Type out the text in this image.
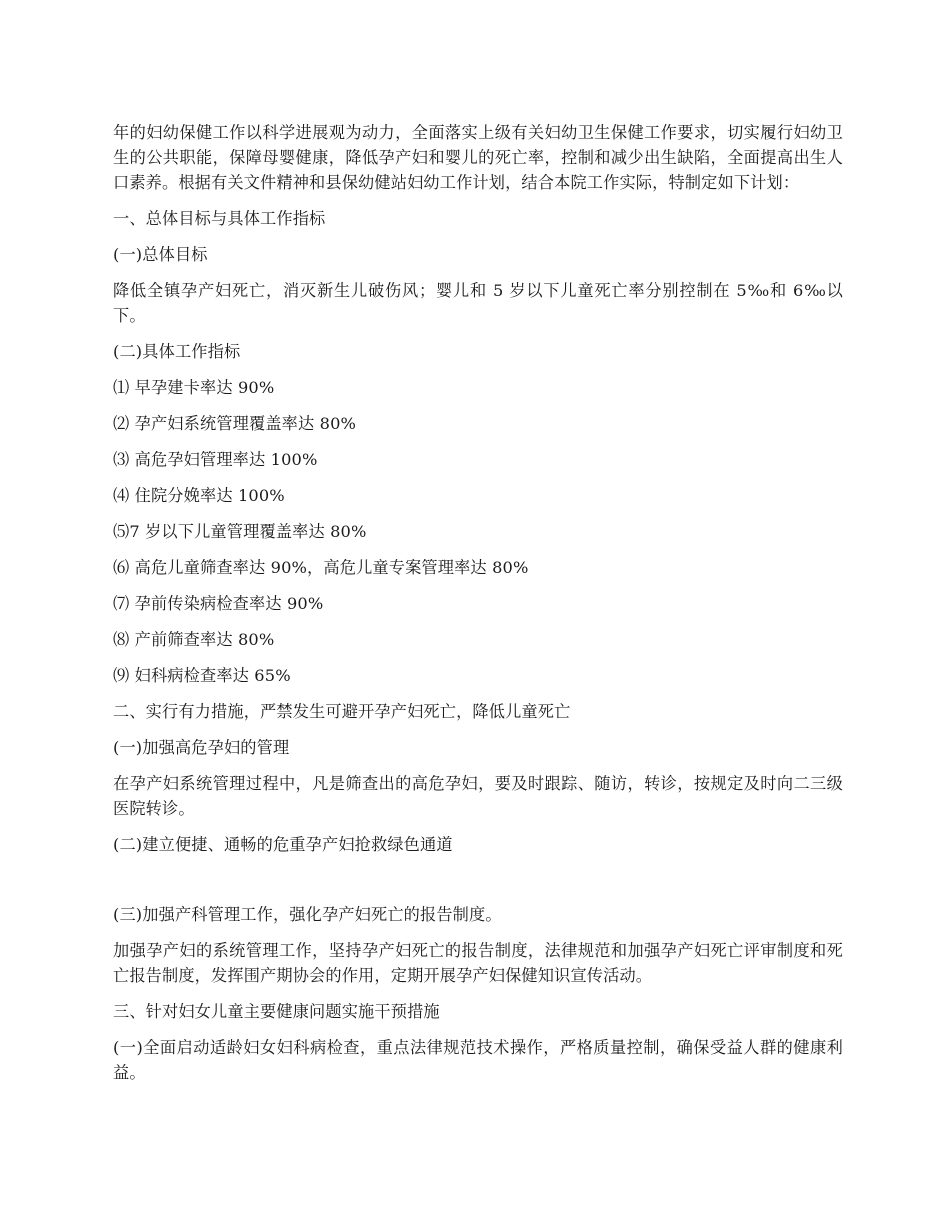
年的妇幼保健工作以科学进展观为动力，全面落实上级有关妇幼卫生保健工作要求，切实履行妇幼卫生的公共职能，保障母婴健康，降低孕产妇和婴儿的死亡率，控制和减少出生缺陷，全面提高出生人口素养。根据有关文件精神和县保幼健站妇幼工作计划，结合本院工作实际，特制定如下计划：

一、总体目标与具体工作指标

(一)总体目标

降低全镇孕产妇死亡，消灭新生儿破伤风；婴儿和 5 岁以下儿童死亡率分别控制在 5‰和 6‰以下。

(二)具体工作指标

⑴ 早孕建卡率达 90%

⑵ 孕产妇系统管理覆盖率达 80%

⑶ 高危孕妇管理率达 100%

⑷ 住院分娩率达 100%

⑸7 岁以下儿童管理覆盖率达 80%

⑹ 高危儿童筛查率达 90%，高危儿童专案管理率达 80%

⑺ 孕前传染病检查率达 90%

⑻ 产前筛查率达 80%

⑼ 妇科病检查率达 65%

二、实行有力措施，严禁发生可避开孕产妇死亡，降低儿童死亡

(一)加强高危孕妇的管理

在孕产妇系统管理过程中，凡是筛查出的高危孕妇，要及时跟踪、随访，转诊，按规定及时向二三级医院转诊。

(二)建立便捷、通畅的危重孕产妇抢救绿色通道

(三)加强产科管理工作，强化孕产妇死亡的报告制度。

加强孕产妇的系统管理工作，坚持孕产妇死亡的报告制度，法律规范和加强孕产妇死亡评审制度和死亡报告制度，发挥围产期协会的作用，定期开展孕产妇保健知识宣传活动。

三、针对妇女儿童主要健康问题实施干预措施

(一)全面启动适龄妇女妇科病检查，重点法律规范技术操作，严格质量控制，确保受益人群的健康利益。
